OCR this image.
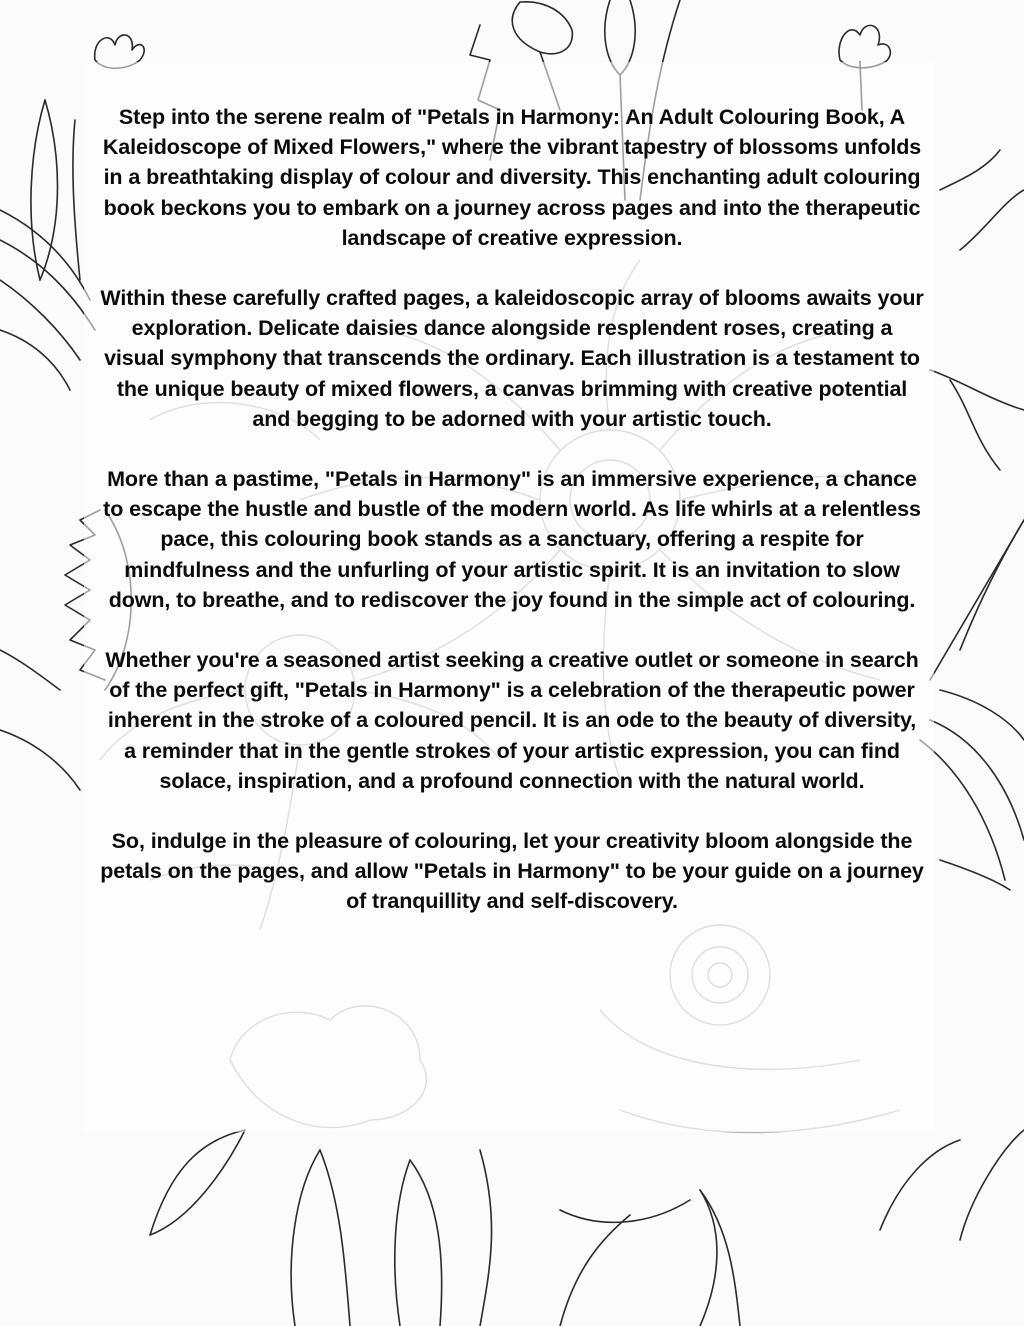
Step into the serene realm of "Petals in Harmony: An Adult Colouring Book, A Kaleidoscope of Mixed Flowers," where the vibrant tapestry of blossoms unfolds in a breathtaking display of colour and diversity. This enchanting adult colouring book beckons you to embark on a journey across pages and into the therapeutic landscape of creative expression.

Within these carefully crafted pages, a kaleidoscopic array of blooms awaits your exploration. Delicate daisies dance alongside resplendent roses, creating a visual symphony that transcends the ordinary. Each illustration is a testament to the unique beauty of mixed flowers, a canvas brimming with creative potential and begging to be adorned with your artistic touch.

More than a pastime, "Petals in Harmony" is an immersive experience, a chance to escape the hustle and bustle of the modern world. As life whirls at a relentless pace, this colouring book stands as a sanctuary, offering a respite for mindfulness and the unfurling of your artistic spirit. It is an invitation to slow down, to breathe, and to rediscover the joy found in the simple act of colouring.

Whether you're a seasoned artist seeking a creative outlet or someone in search of the perfect gift, "Petals in Harmony" is a celebration of the therapeutic power inherent in the stroke of a coloured pencil. It is an ode to the beauty of diversity, a reminder that in the gentle strokes of your artistic expression, you can find solace, inspiration, and a profound connection with the natural world.

So, indulge in the pleasure of colouring, let your creativity bloom alongside the petals on the pages, and allow "Petals in Harmony" to be your guide on a journey of tranquillity and self-discovery.
